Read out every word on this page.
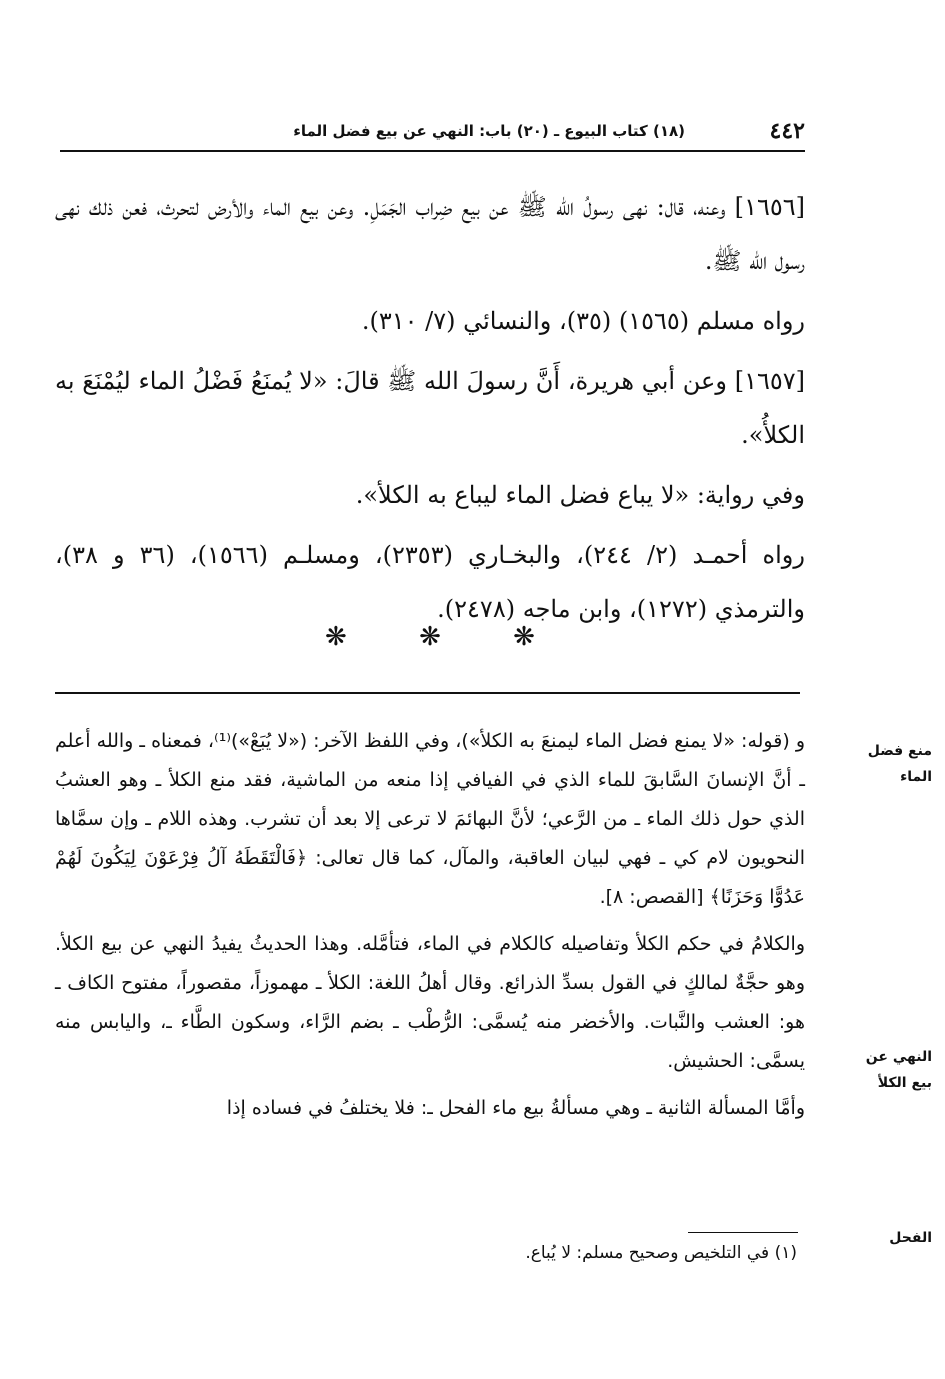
٤٤٢
(١٨) كتاب البيوع ـ (٢٠) باب: النهي عن بيع فضل الماء

[١٦٥٦] وعنه، قال: نهى رسولُ الله ﷺ عن بيع ضِراب الجَمَلِ. وعن بيع الماء والأرض لتحرث، فعن ذلك نهى رسول الله ﷺ.

رواه مسلم (١٥٦٥) (٣٥)، والنسائي (٧/ ٣١٠).

[١٦٥٧] وعن أبي هريرة، أَنَّ رسولَ الله ﷺ قالَ: «لا يُمنَعُ فَضْلُ الماء ليُمْنَعَ به الكلأُ».

وفي رواية: «لا يباع فضل الماء ليباع به الكلأ».

رواه أحمـد (٢/ ٢٤٤)، والبخـاري (٢٣٥٣)، ومسلـم (١٥٦٦)، (٣٦ و ٣٨)، والترمذي (١٢٧٢)، وابن ماجه (٢٤٧٨).

❋	❋	❋

و (قوله: «لا يمنع فضل الماء ليمنعَ به الكلأ»)، وفي اللفظ الآخر: («لا يُبَعْ»)⁽¹⁾، فمعناه ـ والله أعلم ـ أنَّ الإنسانَ السَّابقَ للماء الذي في الفيافي إذا منعه من الماشية، فقد منع الكلأ ـ وهو العشبُ الذي حول ذلك الماء ـ من الرَّعي؛ لأنَّ البهائمَ لا ترعى إلا بعد أن تشرب. وهذه اللام ـ وإن سمَّاها النحويون لام كي ـ فهي لبيان العاقبة، والمآل، كما قال تعالى: ﴿فَالْتَقَطَهُ آلُ فِرْعَوْنَ لِيَكُونَ لَهُمْ عَدُوًّا وَحَزَنًا﴾ [القصص: ٨].

والكلامُ في حكم الكلأ وتفاصيله كالكلام في الماء، فتأمَّله. وهذا الحديثُ يفيدُ النهي عن بيع الكلأ. وهو حجَّةٌ لمالكٍ في القول بسدِّ الذرائع. وقال أهلُ اللغة: الكلأ ـ مهموزاً، مقصوراً، مفتوح الكاف ـ هو: العشب والنَّبات. والأخضر منه يُسمَّى: الرُّطْب ـ بضم الرَّاء، وسكون الطَّاء ـ، واليابس منه يسمَّى: الحشيش.

وأمَّا المسألة الثانية ـ وهي مسألةُ بيع ماء الفحل ـ: فلا يختلفُ في فساده إذا

منع فضل الماء
النهي عن بيع الكلأ
الفحل
(١) في التلخيص وصحيح مسلم: لا يُباع.
